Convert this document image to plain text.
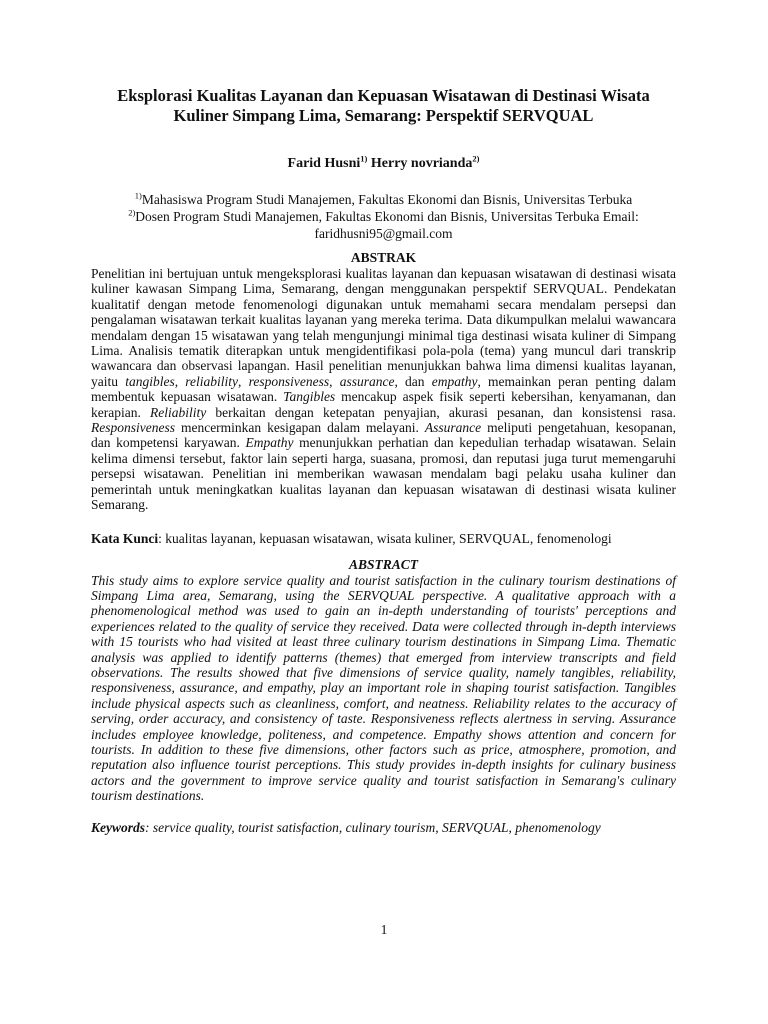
Eksplorasi Kualitas Layanan dan Kepuasan Wisatawan di Destinasi Wisata Kuliner Simpang Lima, Semarang: Perspektif SERVQUAL
Farid Husni$^{1)}$ Herry novrianda$^{2)}$
$^{1)}$Mahasiswa Program Studi Manajemen, Fakultas Ekonomi dan Bisnis, Universitas Terbuka
$^{2)}$Dosen Program Studi Manajemen, Fakultas Ekonomi dan Bisnis, Universitas Terbuka Email:
faridhusni95@gmail.com
ABSTRAK

Penelitian ini bertujuan untuk mengeksplorasi kualitas layanan dan kepuasan wisatawan di destinasi wisata kuliner kawasan Simpang Lima, Semarang, dengan menggunakan perspektif SERVQUAL. Pendekatan kualitatif dengan metode fenomenologi digunakan untuk memahami secara mendalam persepsi dan pengalaman wisatawan terkait kualitas layanan yang mereka terima. Data dikumpulkan melalui wawancara mendalam dengan 15 wisatawan yang telah mengunjungi minimal tiga destinasi wisata kuliner di Simpang Lima. Analisis tematik diterapkan untuk mengidentifikasi pola-pola (tema) yang muncul dari transkrip wawancara dan observasi lapangan. Hasil penelitian menunjukkan bahwa lima dimensi kualitas layanan, yaitu tangibles, reliability, responsiveness, assurance, dan empathy, memainkan peran penting dalam membentuk kepuasan wisatawan. Tangibles mencakup aspek fisik seperti kebersihan, kenyamanan, dan kerapian. Reliability berkaitan dengan ketepatan penyajian, akurasi pesanan, dan konsistensi rasa. Responsiveness mencerminkan kesigapan dalam melayani. Assurance meliputi pengetahuan, kesopanan, dan kompetensi karyawan. Empathy menunjukkan perhatian dan kepedulian terhadap wisatawan. Selain kelima dimensi tersebut, faktor lain seperti harga, suasana, promosi, dan reputasi juga turut memengaruhi persepsi wisatawan. Penelitian ini memberikan wawasan mendalam bagi pelaku usaha kuliner dan pemerintah untuk meningkatkan kualitas layanan dan kepuasan wisatawan di destinasi wisata kuliner Semarang.

Kata Kunci: kualitas layanan, kepuasan wisatawan, wisata kuliner, SERVQUAL, fenomenologi
ABSTRACT

This study aims to explore service quality and tourist satisfaction in the culinary tourism destinations of Simpang Lima area, Semarang, using the SERVQUAL perspective. A qualitative approach with a phenomenological method was used to gain an in-depth understanding of tourists' perceptions and experiences related to the quality of service they received. Data were collected through in-depth interviews with 15 tourists who had visited at least three culinary tourism destinations in Simpang Lima. Thematic analysis was applied to identify patterns (themes) that emerged from interview transcripts and field observations. The results showed that five dimensions of service quality, namely tangibles, reliability, responsiveness, assurance, and empathy, play an important role in shaping tourist satisfaction. Tangibles include physical aspects such as cleanliness, comfort, and neatness. Reliability relates to the accuracy of serving, order accuracy, and consistency of taste. Responsiveness reflects alertness in serving. Assurance includes employee knowledge, politeness, and competence. Empathy shows attention and concern for tourists. In addition to these five dimensions, other factors such as price, atmosphere, promotion, and reputation also influence tourist perceptions. This study provides in-depth insights for culinary business actors and the government to improve service quality and tourist satisfaction in Semarang's culinary tourism destinations.

Keywords: service quality, tourist satisfaction, culinary tourism, SERVQUAL, phenomenology
1
